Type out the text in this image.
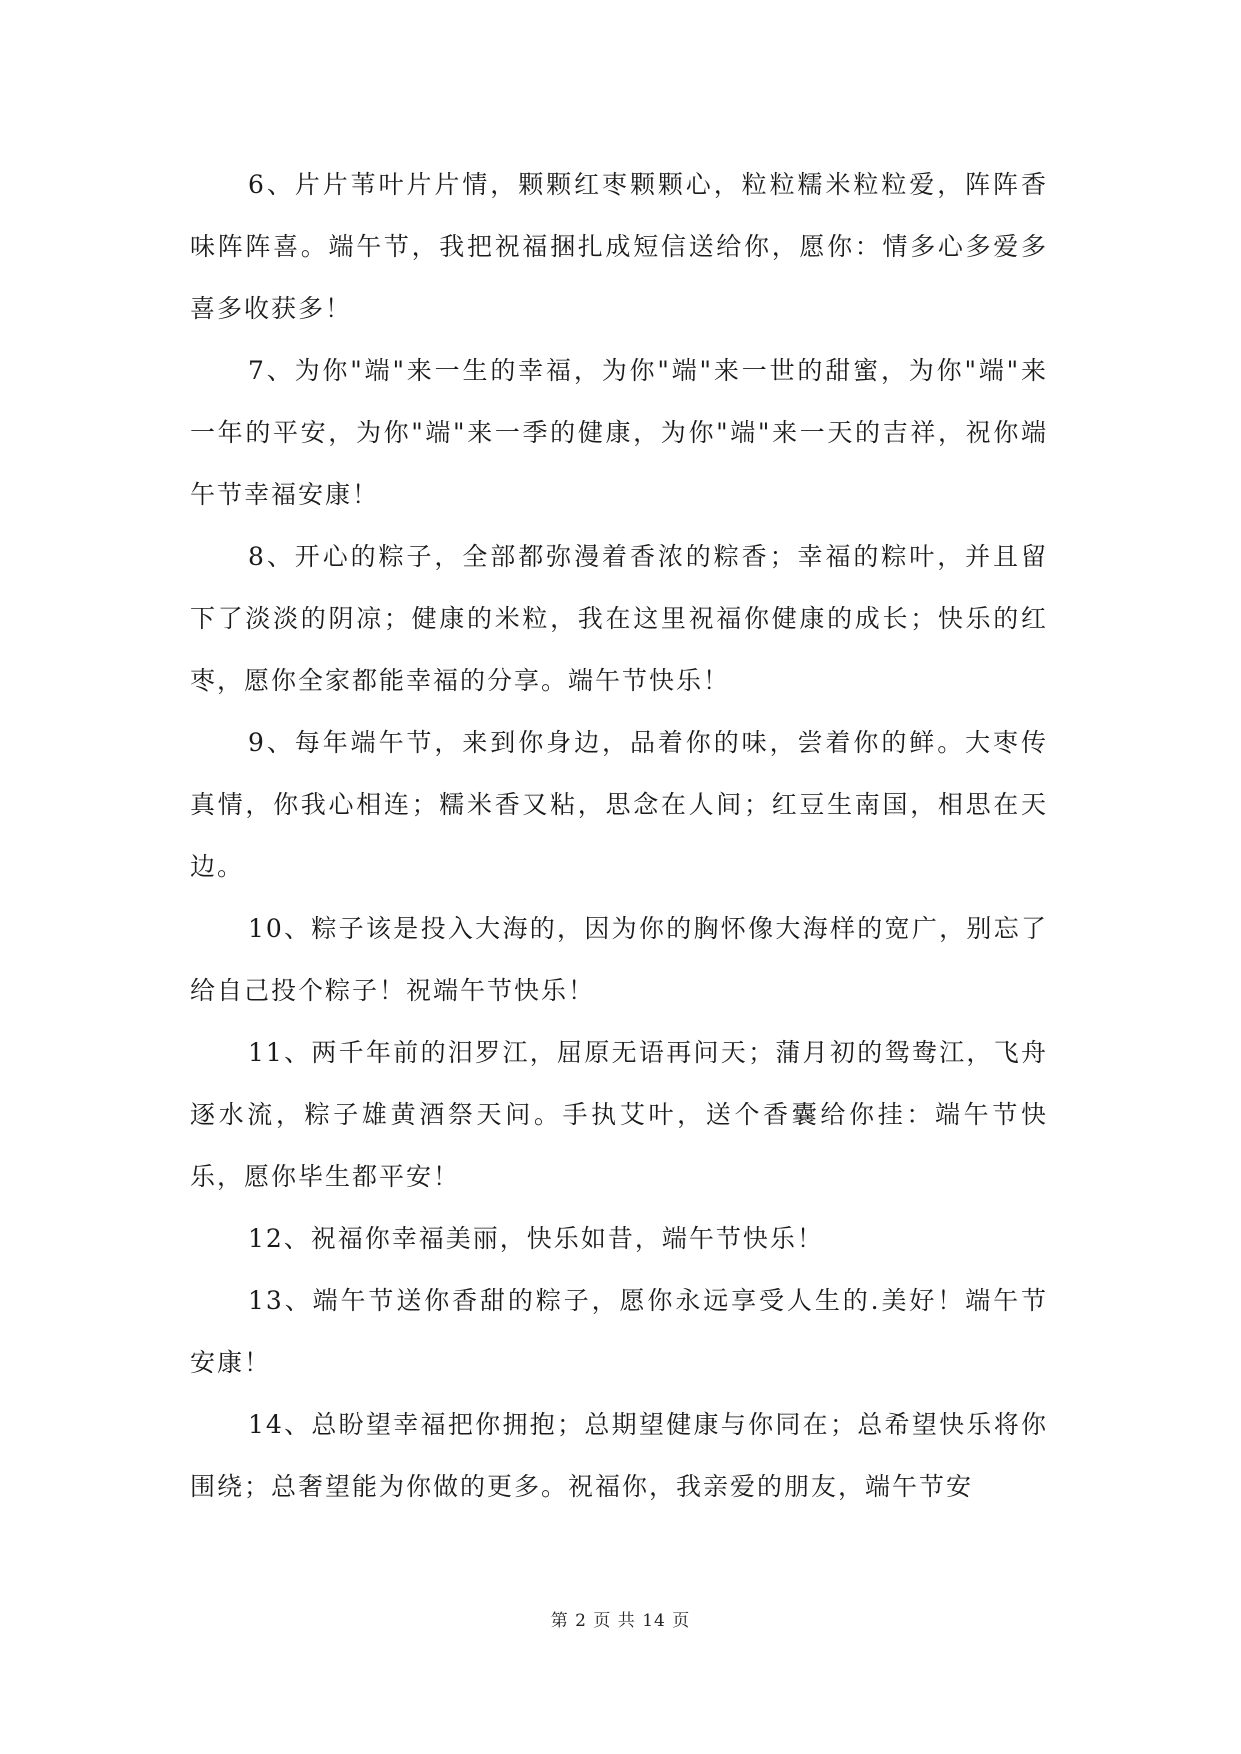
6、片片苇叶片片情，颗颗红枣颗颗心，粒粒糯米粒粒爱，阵阵香味阵阵喜。端午节，我把祝福捆扎成短信送给你，愿你：情多心多爱多喜多收获多！

7、为你"端"来一生的幸福，为你"端"来一世的甜蜜，为你"端"来一年的平安，为你"端"来一季的健康，为你"端"来一天的吉祥，祝你端午节幸福安康！

8、开心的粽子，全部都弥漫着香浓的粽香；幸福的粽叶，并且留下了淡淡的阴凉；健康的米粒，我在这里祝福你健康的成长；快乐的红枣，愿你全家都能幸福的分享。端午节快乐！

9、每年端午节，来到你身边，品着你的味，尝着你的鲜。大枣传真情，你我心相连；糯米香又粘，思念在人间；红豆生南国，相思在天边。

10、粽子该是投入大海的，因为你的胸怀像大海样的宽广，别忘了给自己投个粽子！祝端午节快乐！

11、两千年前的汨罗江，屈原无语再问天；蒲月初的鸳鸯江，飞舟逐水流，粽子雄黄酒祭天问。手执艾叶，送个香囊给你挂：端午节快乐，愿你毕生都平安！

12、祝福你幸福美丽，快乐如昔，端午节快乐！

13、端午节送你香甜的粽子，愿你永远享受人生的.美好！端午节安康！

14、总盼望幸福把你拥抱；总期望健康与你同在；总希望快乐将你围绕；总奢望能为你做的更多。祝福你，我亲爱的朋友，端午节安

第 2 页 共 14 页
